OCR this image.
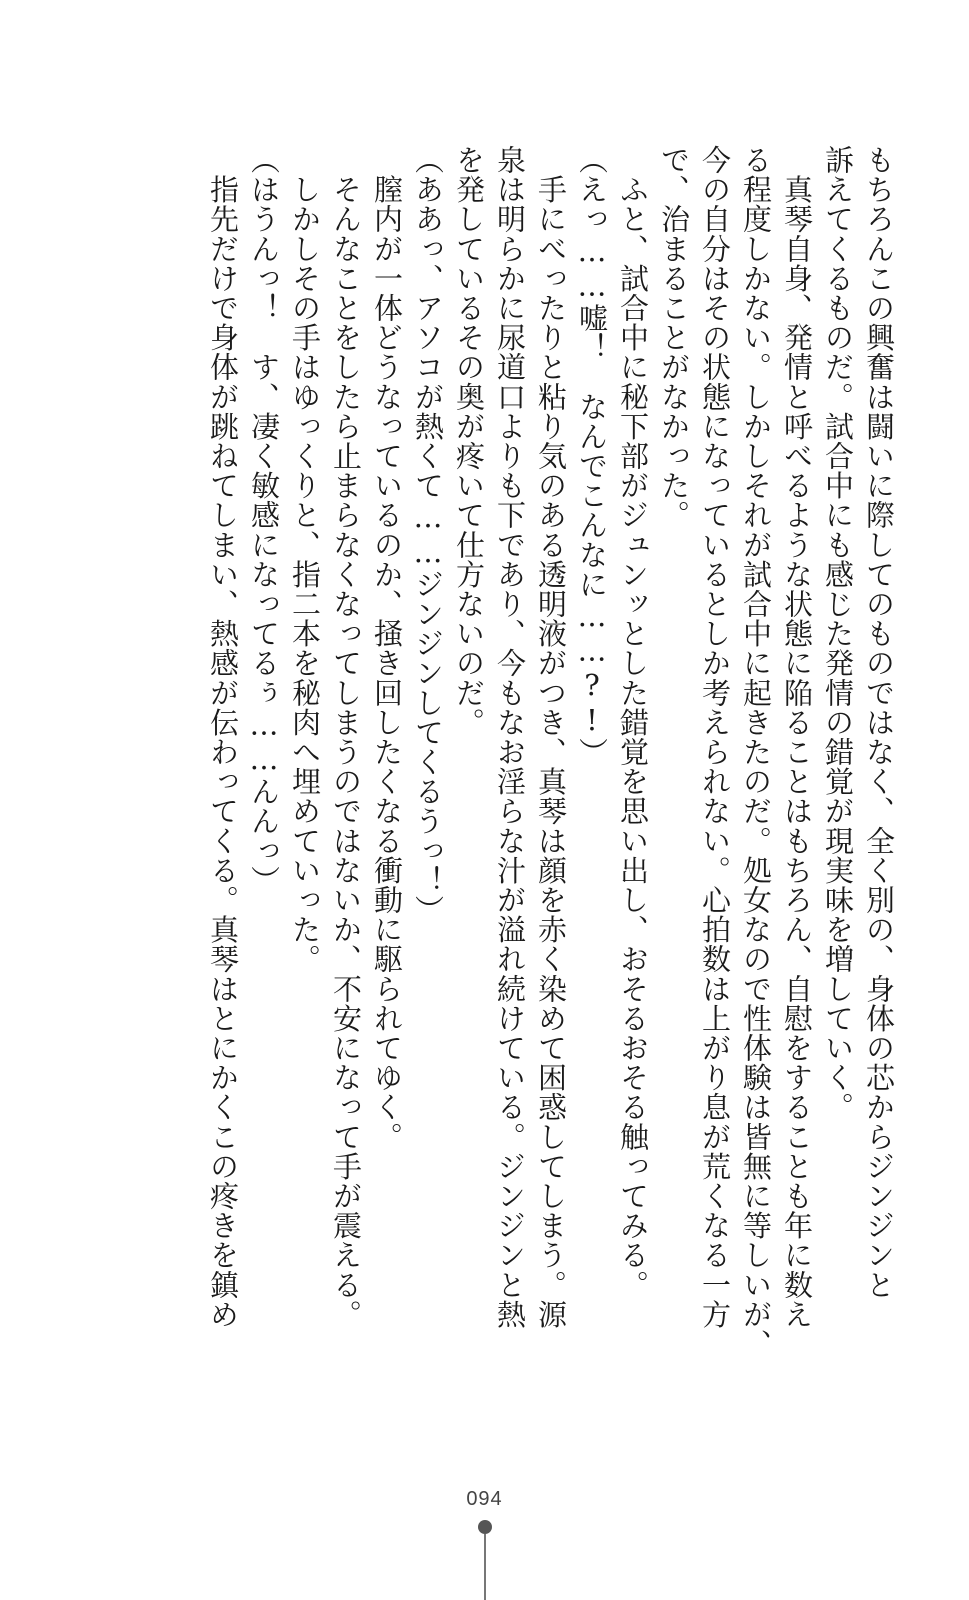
もちろんこの興奮は闘いに際してのものではなく、全く別の、身体の芯からジンジンと
訴えてくるものだ。試合中にも感じた発情の錯覚が現実味を増していく。
　真琴自身、発情と呼べるような状態に陥ることはもちろん、自慰をすることも年に数え
る程度しかない。しかしそれが試合中に起きたのだ。処女なので性体験は皆無に等しいが、
今の自分はその状態になっているとしか考えられない。心拍数は上がり息が荒くなる一方
で、治まることがなかった。
　ふと、試合中に秘下部がジュンッとした錯覚を思い出し、おそるおそる触ってみる。
（えっ……嘘！　なんでこんなに……?!）
　手にべったりと粘り気のある透明液がつき、真琴は顔を赤く染めて困惑してしまう。源
泉は明らかに尿道口よりも下であり、今もなお淫らな汁が溢れ続けている。ジンジンと熱
を発しているその奥が疼いて仕方ないのだ。
（ああっ、アソコが熱くて……ジンジンしてくるうっ！）
　膣内が一体どうなっているのか、掻き回したくなる衝動に駆られてゆく。
　そんなことをしたら止まらなくなってしまうのではないか、不安になって手が震える。
　しかしその手はゆっくりと、指二本を秘肉へ埋めていった。
（はうんっ！　す、凄く敏感になってるぅ……んんっ）
　指先だけで身体が跳ねてしまい、熱感が伝わってくる。真琴はとにかくこの疼きを鎮め
094
